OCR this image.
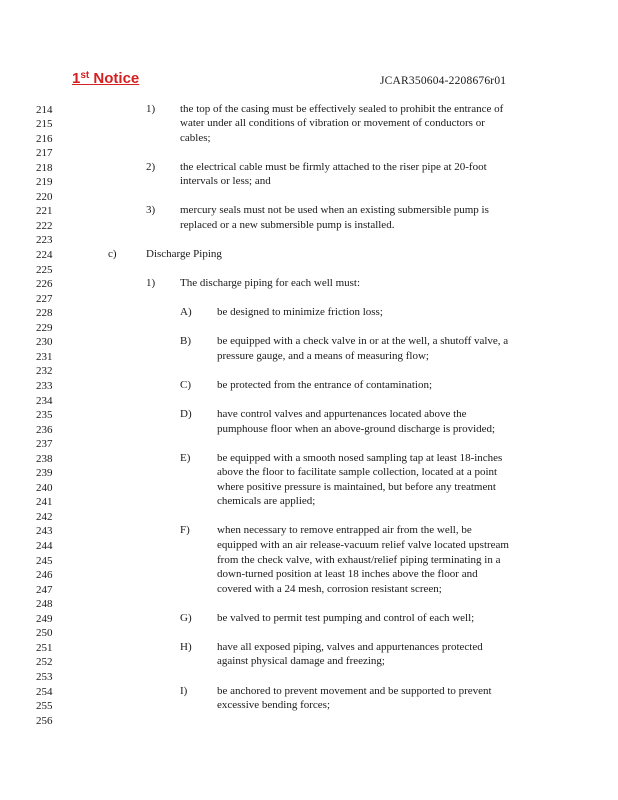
1st Notice	JCAR350604-2208676r01
214
215
216
217
218
219
220
221
222
223
224
225
226
227
228
229
230
231
232
233
234
235
236
237
238
239
240
241
242
243
244
245
246
247
248
249
250
251
252
253
254
255
256
1) the top of the casing must be effectively sealed to prohibit the entrance of
water under all conditions of vibration or movement of conductors or
cables;
2) the electrical cable must be firmly attached to the riser pipe at 20-foot
intervals or less; and
3) mercury seals must not be used when an existing submersible pump is
replaced or a new submersible pump is installed.
c)	Discharge Piping
1) The discharge piping for each well must:
A) be designed to minimize friction loss;
B) be equipped with a check valve in or at the well, a shutoff valve, a
pressure gauge, and a means of measuring flow;
C) be protected from the entrance of contamination;
D) have control valves and appurtenances located above the
pumphouse floor when an above-ground discharge is provided;
E) be equipped with a smooth nosed sampling tap at least 18-inches
above the floor to facilitate sample collection, located at a point
where positive pressure is maintained, but before any treatment
chemicals are applied;
F) when necessary to remove entrapped air from the well, be
equipped with an air release-vacuum relief valve located upstream
from the check valve, with exhaust/relief piping terminating in a
down-turned position at least 18 inches above the floor and
covered with a 24 mesh, corrosion resistant screen;
G) be valved to permit test pumping and control of each well;
H) have all exposed piping, valves and appurtenances protected
against physical damage and freezing;
I)	be anchored to prevent movement and be supported to prevent
excessive bending forces;
